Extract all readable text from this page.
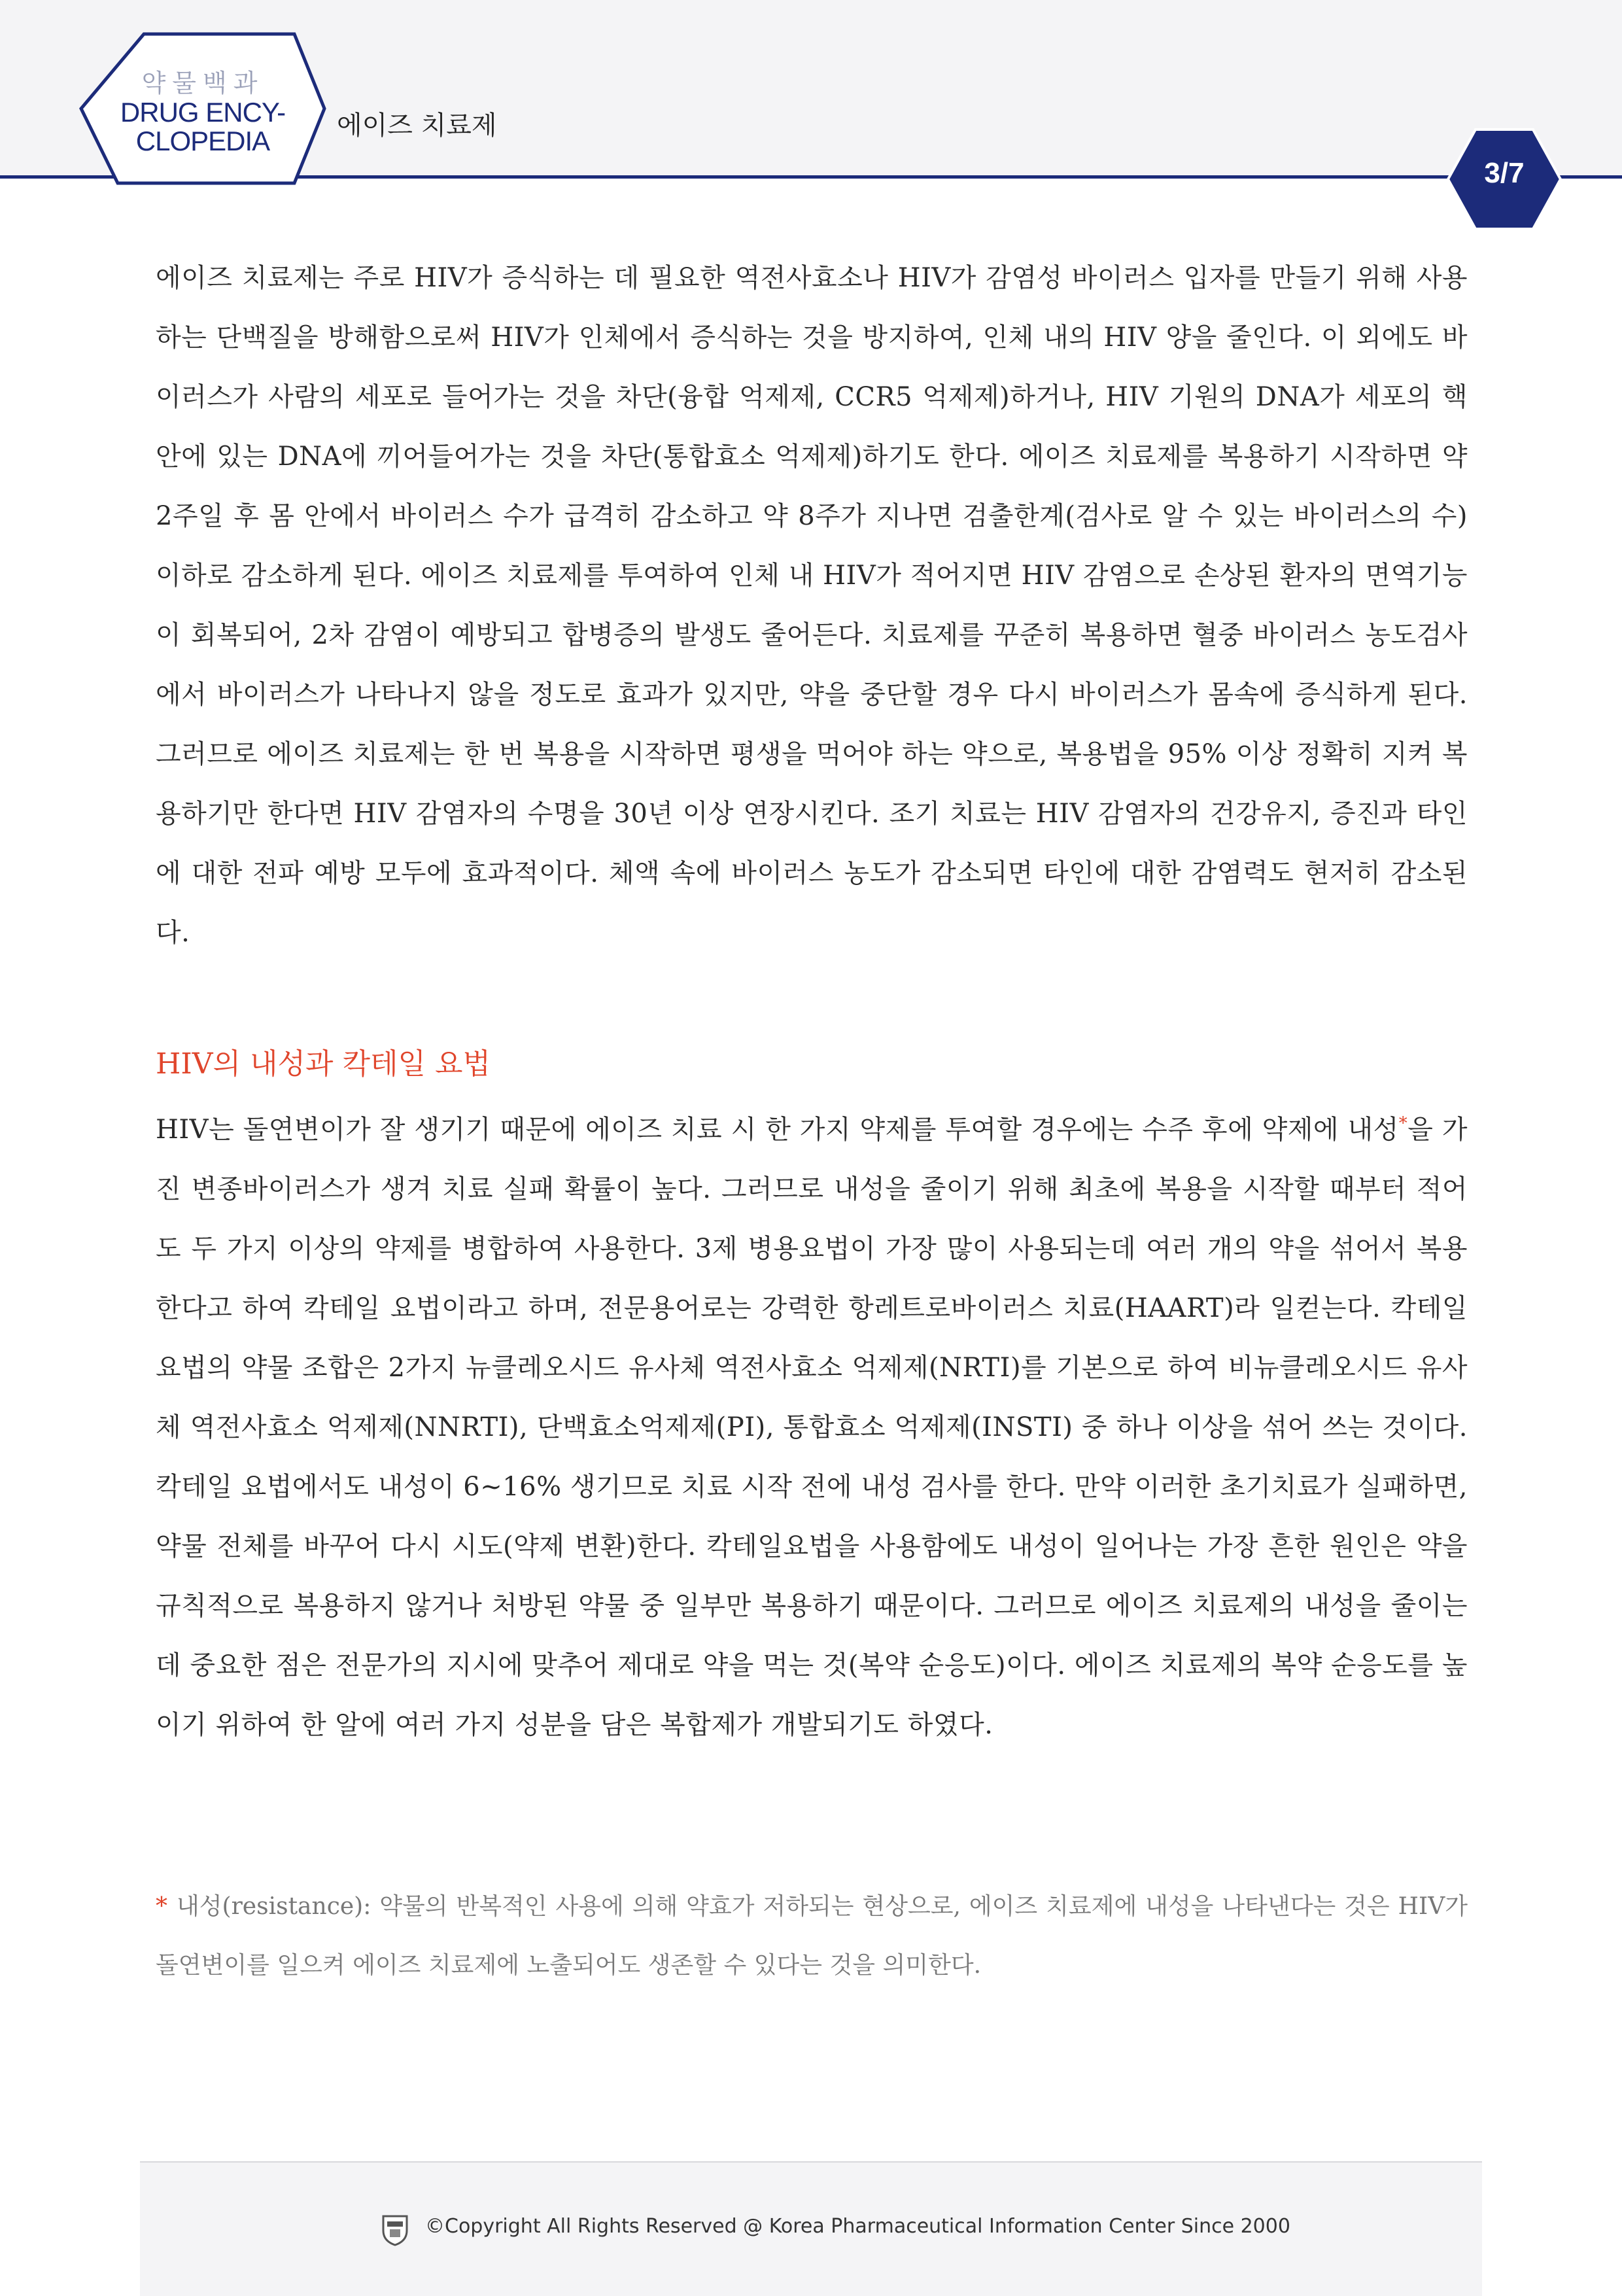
약물백과
DRUG ENCY-
CLOPEDIA	에이즈 치료제
3/7

에이즈 치료제는 주로 HIV가 증식하는 데 필요한 역전사효소나 HIV가 감염성 바이러스 입자를 만들기 위해 사용하는 단백질을 방해함으로써 HIV가 인체에서 증식하는 것을 방지하여, 인체 내의 HIV 양을 줄인다. 이 외에도 바이러스가 사람의 세포로 들어가는 것을 차단(융합 억제제, CCR5 억제제)하거나, HIV 기원의 DNA가 세포의 핵 안에 있는 DNA에 끼어들어가는 것을 차단(통합효소 억제제)하기도 한다. 에이즈 치료제를 복용하기 시작하면 약 2주일 후 몸 안에서 바이러스 수가 급격히 감소하고 약 8주가 지나면 검출한계(검사로 알 수 있는 바이러스의 수) 이하로 감소하게 된다. 에이즈 치료제를 투여하여 인체 내 HIV가 적어지면 HIV 감염으로 손상된 환자의 면역기능이 회복되어, 2차 감염이 예방되고 합병증의 발생도 줄어든다. 치료제를 꾸준히 복용하면 혈중 바이러스 농도검사에서 바이러스가 나타나지 않을 정도로 효과가 있지만, 약을 중단할 경우 다시 바이러스가 몸속에 증식하게 된다. 그러므로 에이즈 치료제는 한 번 복용을 시작하면 평생을 먹어야 하는 약으로, 복용법을 95% 이상 정확히 지켜 복용하기만 한다면 HIV 감염자의 수명을 30년 이상 연장시킨다. 조기 치료는 HIV 감염자의 건강유지, 증진과 타인에 대한 전파 예방 모두에 효과적이다. 체액 속에 바이러스 농도가 감소되면 타인에 대한 감염력도 현저히 감소된다.

HIV의 내성과 칵테일 요법

HIV는 돌연변이가 잘 생기기 때문에 에이즈 치료 시 한 가지 약제를 투여할 경우에는 수주 후에 약제에 내성*을 가진 변종바이러스가 생겨 치료 실패 확률이 높다. 그러므로 내성을 줄이기 위해 최초에 복용을 시작할 때부터 적어도 두 가지 이상의 약제를 병합하여 사용한다. 3제 병용요법이 가장 많이 사용되는데 여러 개의 약을 섞어서 복용한다고 하여 칵테일 요법이라고 하며, 전문용어로는 강력한 항레트로바이러스 치료(HAART)라 일컫는다. 칵테일요법의 약물 조합은 2가지 뉴클레오시드 유사체 역전사효소 억제제(NRTI)를 기본으로 하여 비뉴클레오시드 유사체 역전사효소 억제제(NNRTI), 단백효소억제제(PI), 통합효소 억제제(INSTI) 중 하나 이상을 섞어 쓰는 것이다. 칵테일 요법에서도 내성이 6~16% 생기므로 치료 시작 전에 내성 검사를 한다. 만약 이러한 초기치료가 실패하면, 약물 전체를 바꾸어 다시 시도(약제 변환)한다. 칵테일요법을 사용함에도 내성이 일어나는 가장 흔한 원인은 약을 규칙적으로 복용하지 않거나 처방된 약물 중 일부만 복용하기 때문이다. 그러므로 에이즈 치료제의 내성을 줄이는데 중요한 점은 전문가의 지시에 맞추어 제대로 약을 먹는 것(복약 순응도)이다. 에이즈 치료제의 복약 순응도를 높이기 위하여 한 알에 여러 가지 성분을 담은 복합제가 개발되기도 하였다.

* 내성(resistance): 약물의 반복적인 사용에 의해 약효가 저하되는 현상으로, 에이즈 치료제에 내성을 나타낸다는 것은 HIV가 돌연변이를 일으켜 에이즈 치료제에 노출되어도 생존할 수 있다는 것을 의미한다.

©Copyright All Rights Reserved @ Korea Pharmaceutical Information Center Since 2000
